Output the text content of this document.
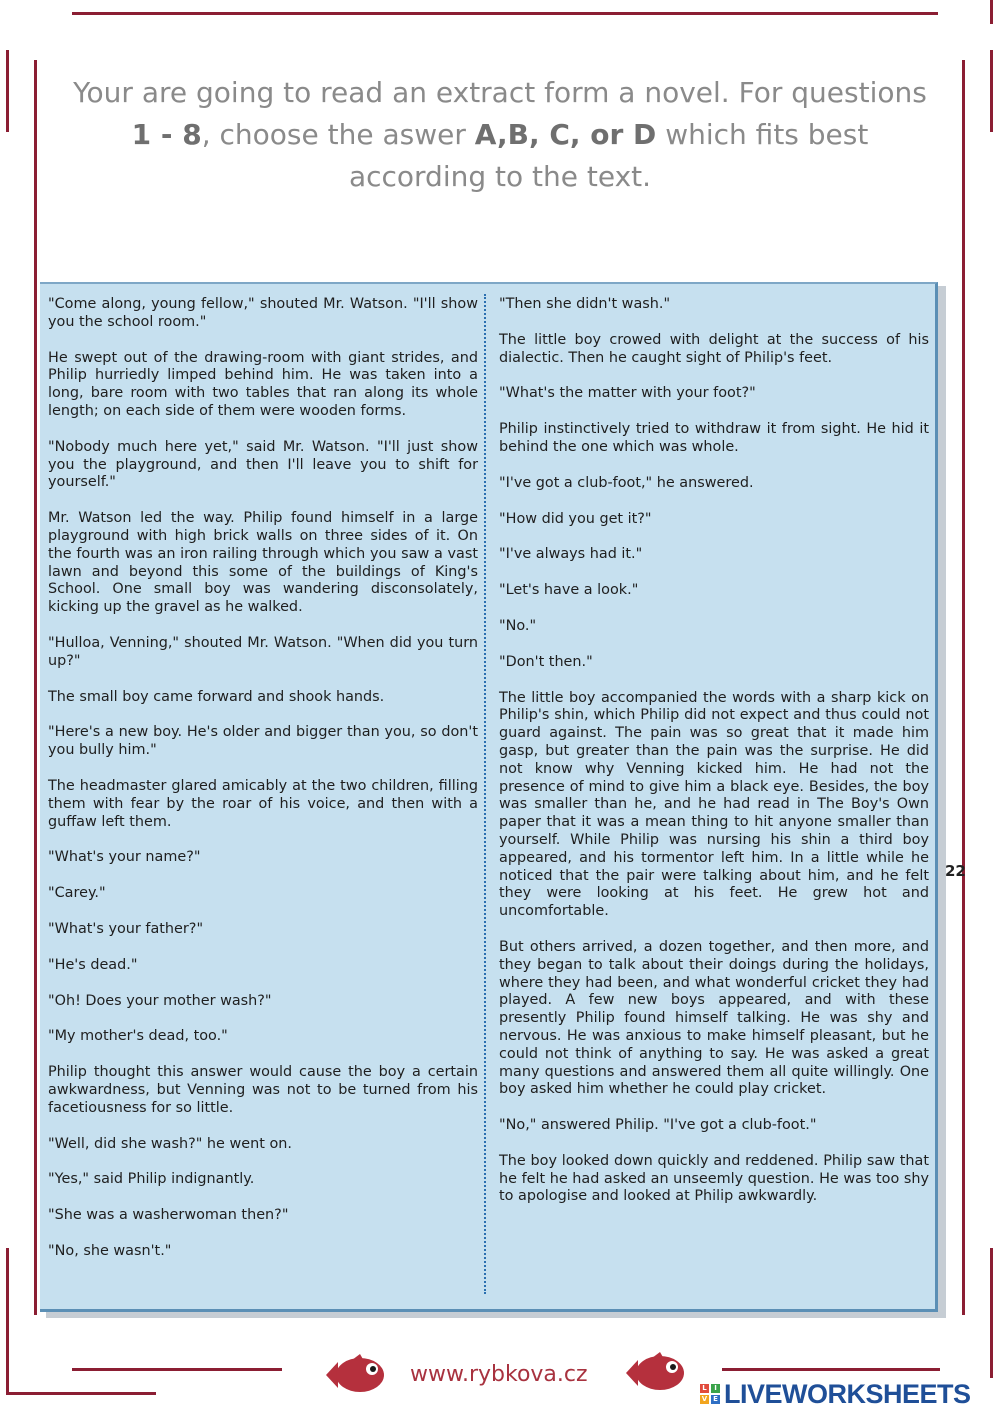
Your are going to read an extract form a novel. For questions 1 - 8, choose the aswer A,B, C, or D which fits best according to the text.

"Come along, young fellow," shouted Mr. Watson. "I'll show you the school room."

He swept out of the drawing-room with giant strides, and Philip hurriedly limped behind him. He was taken into a long, bare room with two tables that ran along its whole length; on each side of them were wooden forms.

"Nobody much here yet," said Mr. Watson. "I'll just show you the playground, and then I'll leave you to shift for yourself."

Mr. Watson led the way. Philip found himself in a large playground with high brick walls on three sides of it. On the fourth was an iron railing through which you saw a vast lawn and beyond this some of the buildings of King's School. One small boy was wandering disconsolately, kicking up the gravel as he walked.

"Hulloa, Venning," shouted Mr. Watson. "When did you turn up?"

The small boy came forward and shook hands.

"Here's a new boy. He's older and bigger than you, so don't you bully him."

The headmaster glared amicably at the two children, filling them with fear by the roar of his voice, and then with a guffaw left them.

"What's your name?"

"Carey."

"What's your father?"

"He's dead."

"Oh! Does your mother wash?"

"My mother's dead, too."

Philip thought this answer would cause the boy a certain awkwardness, but Venning was not to be turned from his facetiousness for so little.

"Well, did she wash?" he went on.

"Yes," said Philip indignantly.

"She was a washerwoman then?"

"No, she wasn't."

"Then she didn't wash."

The little boy crowed with delight at the success of his dialectic. Then he caught sight of Philip's feet.

"What's the matter with your foot?"

Philip instinctively tried to withdraw it from sight. He hid it behind the one which was whole.

"I've got a club-foot," he answered.

"How did you get it?"

"I've always had it."

"Let's have a look."

"No."

"Don't then."

The little boy accompanied the words with a sharp kick on Philip's shin, which Philip did not expect and thus could not guard against. The pain was so great that it made him gasp, but greater than the pain was the surprise. He did not know why Venning kicked him. He had not the presence of mind to give him a black eye. Besides, the boy was smaller than he, and he had read in The Boy's Own paper that it was a mean thing to hit anyone smaller than yourself. While Philip was nursing his shin a third boy appeared, and his tormentor left him. In a little while he noticed that the pair were talking about him, and he felt they were looking at his feet. He grew hot and uncomfortable.

But others arrived, a dozen together, and then more, and they began to talk about their doings during the holidays, where they had been, and what wonderful cricket they had played. A few new boys appeared, and with these presently Philip found himself talking. He was shy and nervous. He was anxious to make himself pleasant, but he could not think of anything to say. He was asked a great many questions and answered them all quite willingly. One boy asked him whether he could play cricket.

"No," answered Philip. "I've got a club-foot."

The boy looked down quickly and reddened. Philip saw that he felt he had asked an unseemly question. He was too shy to apologise and looked at Philip awkwardly.

22
www.rybkova.cz
L	I
V E LIVEWORKSHEETS
